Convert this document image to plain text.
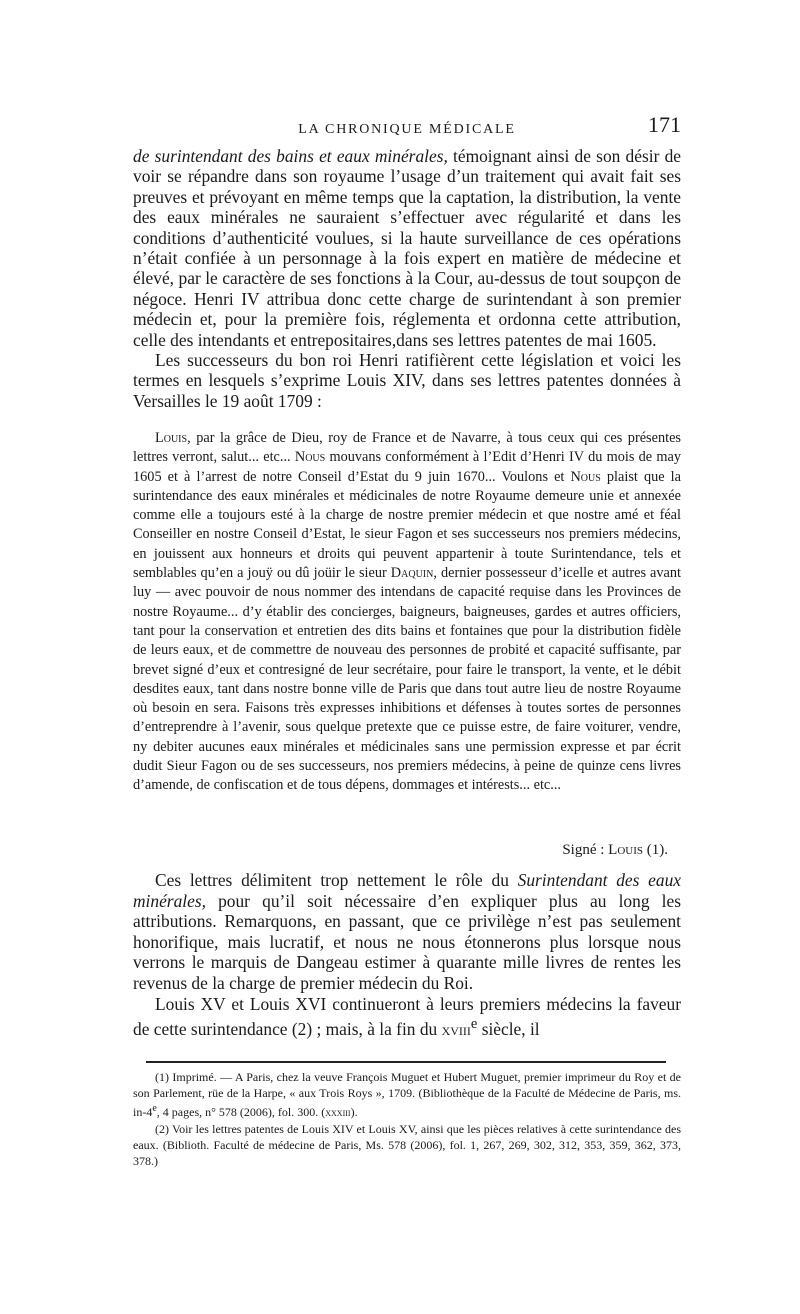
LA CHRONIQUE MÉDICALE	171

de surintendant des bains et eaux minérales, témoignant ainsi de son désir de voir se répandre dans son royaume l’usage d’un traitement qui avait fait ses preuves et prévoyant en même temps que la captation, la distribution, la vente des eaux minérales ne sauraient s’effectuer avec régularité et dans les conditions d’authenticité voulues, si la haute surveillance de ces opérations n’était confiée à un personnage à la fois expert en matière de médecine et élevé, par le caractère de ses fonctions à la Cour, au-dessus de tout soupçon de négoce. Henri IV attribua donc cette charge de surintendant à son premier médecin et, pour la première fois, réglementa et ordonna cette attribution, celle des intendants et entrepositaires,dans ses lettres patentes de mai 1605.

Les successeurs du bon roi Henri ratifièrent cette législation et voici les termes en lesquels s’exprime Louis XIV, dans ses lettres patentes données à Versailles le 19 août 1709 :

Louis, par la grâce de Dieu, roy de France et de Navarre, à tous ceux qui ces présentes lettres verront, salut... etc... Nous mouvans conformément à l’Edit d’Henri IV du mois de may 1605 et à l’arrest de notre Conseil d’Estat du 9 juin 1670... Voulons et Nous plaist que la surintendance des eaux minérales et médicinales de notre Royaume demeure unie et annexée comme elle a toujours esté à la charge de nostre premier médecin et que nostre amé et féal Conseiller en nostre Conseil d’Estat, le sieur Fagon et ses successeurs nos premiers médecins, en jouissent aux honneurs et droits qui peuvent appartenir à toute Surintendance, tels et semblables qu’en a jouÿ ou dû joüir le sieur Daquin, dernier possesseur d’icelle et autres avant luy — avec pouvoir de nous nommer des intendans de capacité requise dans les Provinces de nostre Royaume... d’y établir des concierges, baigneurs, baigneuses, gardes et autres officiers, tant pour la conservation et entretien des dits bains et fontaines que pour la distribution fidèle de leurs eaux, et de commettre de nouveau des personnes de probité et capacité suffisante, par brevet signé d’eux et contresigné de leur secrétaire, pour faire le transport, la vente, et le débit desdites eaux, tant dans nostre bonne ville de Paris que dans tout autre lieu de nostre Royaume où besoin en sera. Faisons très expresses inhibitions et défenses à toutes sortes de personnes d’entreprendre à l’avenir, sous quelque pretexte que ce puisse estre, de faire voiturer, vendre, ny debiter aucunes eaux minérales et médicinales sans une permission expresse et par écrit dudit Sieur Fagon ou de ses successeurs, nos premiers médecins, à peine de quinze cens livres d’amende, de confiscation et de tous dépens, dommages et intérests... etc...

Signé : Louis (1).

Ces lettres délimitent trop nettement le rôle du Surintendant des eaux minérales, pour qu’il soit nécessaire d’en expliquer plus au long les attributions. Remarquons, en passant, que ce privilège n’est pas seulement honorifique, mais lucratif, et nous ne nous étonnerons plus lorsque nous verrons le marquis de Dangeau estimer à quarante mille livres de rentes les revenus de la charge de premier médecin du Roi.

Louis XV et Louis XVI continueront à leurs premiers médecins la faveur de cette surintendance (2) ; mais, à la fin du xviii$^e$ siècle, il

(1) Imprimé. — A Paris, chez la veuve François Muguet et Hubert Muguet, premier imprimeur du Roy et de son Parlement, rüe de la Harpe, « aux Trois Roys », 1709. (Bibliothèque de la Faculté de Médecine de Paris, ms. in-4e, 4 pages, n° 578 (2006), fol. 300. (xxxiii).

(2) Voir les lettres patentes de Louis XIV et Louis XV, ainsi que les pièces relatives à cette surintendance des eaux. (Biblioth. Faculté de médecine de Paris, Ms. 578 (2006), fol. 1, 267, 269, 302, 312, 353, 359, 362, 373, 378.)
